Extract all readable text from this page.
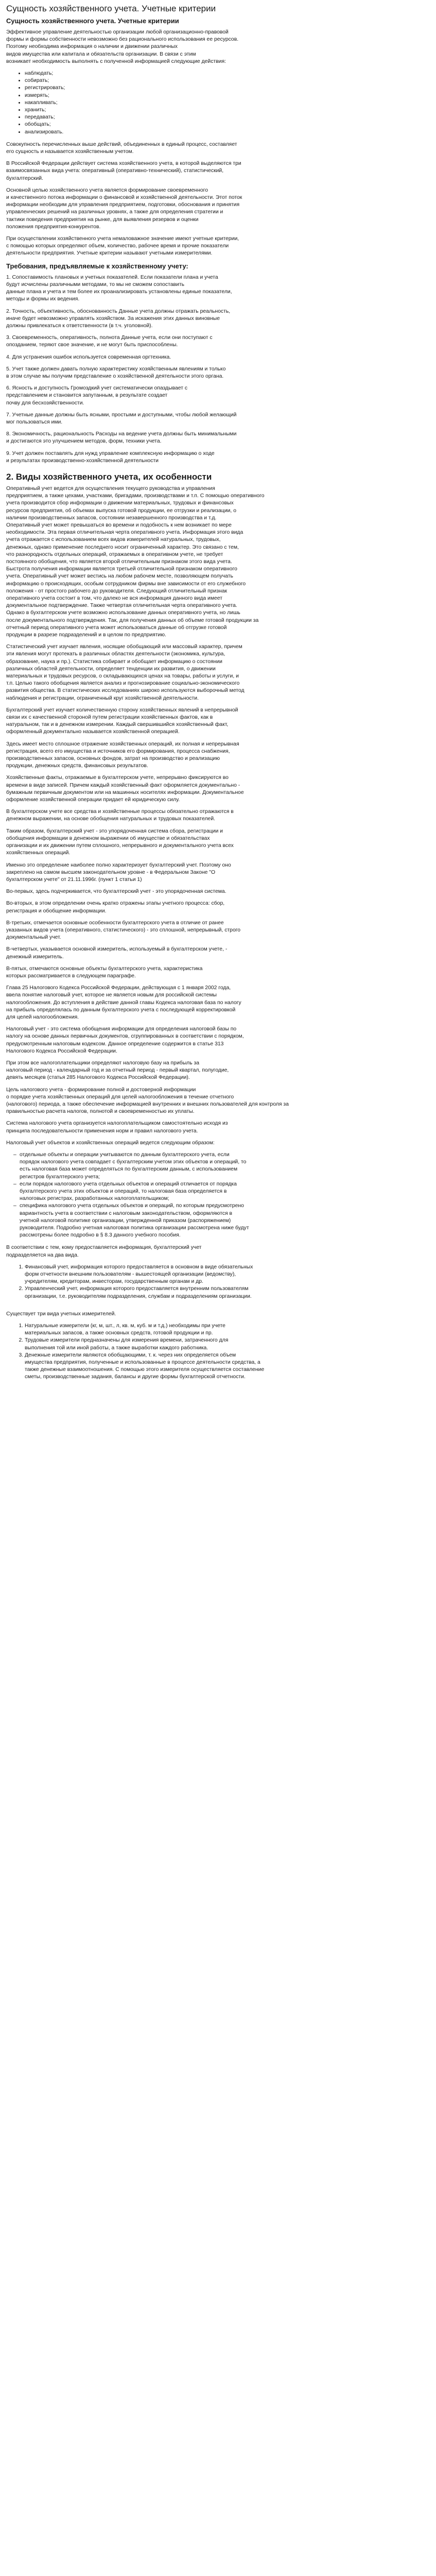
Сущность хозяйственного учета. Учетные критерии
Сущность хозяйственного учета. Учетные критерии
Эффективное управление деятельностью организации любой организационно-правовой
формы и формы собственности невозможно без рационального использования ее ресурсов.
Поэтому необходима информация о наличии и движении различных
видов имущества или капитала и обязательств организации. В связи с этим
возникает необходимость выполнять с полученной информацией следующие действия:
• наблюдать;
• собирать;
• регистрировать;
• измерять;
• накапливать;
• хранить;
• передавать;
• обобщать;
• анализировать.
Совокупность перечисленных выше действий, объединенных в единый процесс, составляет
его сущность и называется хозяйственным учетом.
В Российской Федерации действует система хозяйственного учета, в которой выделяются три
взаимосвязанных вида учета: оперативный (оперативно-технический), статистический,
бухгалтерский.
Основной целью хозяйственного учета является формирование своевременного
и качественного потока информации о финансовой и хозяйственной деятельности. Этот поток
информации необходим для управления предприятием, подготовки, обоснования и принятия
управленческих решений на различных уровнях, а также для определения стратегии и
тактики поведения предприятия на рынке, для выявления резервов и оценки
положения предприятия-конкурентов.
При осуществлении хозяйственного учета немаловажное значение имеют учетные критерии,
с помощью которых определяют объем, количество, рабочее время и прочие показатели
деятельности предприятия. Учетные критерии называют учетными измерителями.
Требования, предъявляемые к хозяйственному учету:
1. Сопоставимость плановых и учетных показателей. Если показатели плана и учета
будут исчислены различными методами, то мы не сможем сопоставить
данные плана и учета и тем более их проанализировать установлены единые показатели,
методы и формы их ведения.
2. Точность, объективность, обоснованность Данные учета должны отражать реальность,
иначе будет невозможно управлять хозяйством. За искажения этих данных виновные
должны привлекаться к ответственности (в т.ч. уголовной).
3. Своевременность, оперативность, полнота Данные учета, если они поступают с
опозданием, теряют свое значение, и не могут быть приспособлены.
4. Для устранения ошибок используется современная оргтехника.
5. Учет также должен давать полную характеристику хозяйственным явлениям и только
в этом случае мы получим представление о хозяйственной деятельности этого органа.
6. Ясность и доступность Громоздкий учет систематически опаздывает с
представлением и становится запутанным, в результате создает
почву для бесхозяйственности.
7. Учетные данные должны быть ясными, простыми и доступными, чтобы любой желающий
мог пользоваться ими.
8. Экономичность, рациональность Расходы на ведение учета должны быть минимальными
и достигаются это улучшением методов, форм, техники учета.
9. Учет должен поставлять для нужд управление комплексную информацию о ходе
и результатах производственно-хозяйственной деятельности
2. Виды хозяйственного учета, их особенности
Оперативный учет ведется для осуществления текущего руководства и управления
предприятием, а также цехами, участками, бригадами, производствами и т.п. С помощью оперативного
учета производится сбор информации о движении материальных, трудовых и финансовых
ресурсов предприятия, об объемах выпуска готовой продукции, ее отгрузки и реализации, о
наличии производственных запасов, состоянии незавершенного производства и т.д.
Оперативный учет может превышаться во времени и подобность к нем возникает по мере
необходимости. Эта первая отличительная черта оперативного учета. Информация этого вида
учета отражается с использованием всех видов измерителей натуральных, трудовых,
денежных, однако применение последнего носит ограниченный характер. Это связано с тем,
что разнородность отдельных операций, отражаемых в оперативном учете, не требует
постоянного обобщения, что является второй отличительным признаком этого вида учета.
Быстрота получения информации является третьей отличительной признаком оперативного
учета. Оперативный учет может вестись на любом рабочем месте, позволяющем получать
информацию о происходящих, особым сотрудником фирмы вне зависимости от его служебного
положения - от простого рабочего до руководителя. Следующий отличительный признак
оперативного учета состоит в том, что далеко не вся информация данного вида имеет
документальное подтверждение. Также четвертая отличительная черта оперативного учета.
Однако в бухгалтерском учете возможно использование данных оперативного учета, но лишь
после документального подтверждения. Так, для получения данных об объеме готовой продукции за
отчетный период оперативного учета может использоваться данные об отгрузке готовой
продукции в разрезе подразделений и в целом по предприятию.
Статистический учет изучает явления, носящие обобщающий или массовый характер, причем
эти явления могут протекать в различных областях деятельности (экономика, культура,
образование, наука и пр.). Статистика собирает и обобщает информацию о состоянии
различных областей деятельности, определяет тенденции их развития, о движении
материальных и трудовых ресурсов, о складывающихся ценах на товары, работы и услуги, и
т.п. Целью такого обобщения является анализ и прогнозирование социально-экономического
развития общества. В статистических исследованиях широко используются выборочный метод
наблюдения и регистрации, ограниченный круг хозяйственной деятельности.
Бухгалтерский учет изучает количественную сторону хозяйственных явлений в непрерывной
связи их с качественной стороной путем регистрации хозяйственных фактов, как в
натуральном, так и в денежном измерении. Каждый свершившийся хозяйственный факт,
оформленный документально называется хозяйственной операцией.
Здесь имеет место сплошное отражение хозяйственных операций, их полная и непрерывная
регистрация, всего его имущества и источников его формирования, процесса снабжения,
производственных запасов, основных фондов, затрат на производство и реализацию
продукции, денежных средств, финансовых результатов.
Хозяйственные факты, отражаемые в бухгалтерском учете, непрерывно фиксируются во
времени в виде записей. Причем каждый хозяйственный факт оформляется документально -
бумажным первичным документом или на машинных носителях информации. Документальное
оформление хозяйственной операции придает ей юридическую силу.
В бухгалтерском учете все средства и хозяйственные процессы обязательно отражаются в
денежном выражении, на основе обобщения натуральных и трудовых показателей.
Таким образом, бухгалтерский учет - это упорядоченная система сбора, регистрации и
обобщения информации в денежном выражении об имуществе и обязательствах
организации и их движении путем сплошного, непрерывного и документального учета всех
хозяйственных операций.
Именно это определение наиболее полно характеризует бухгалтерский учет. Поэтому оно
закреплено на самом высшем законодательном уровне - в Федеральном Законе "О
бухгалтерском учете" от 21.11.1996г. (пункт 1 статьи 1)
Во-первых, здесь подчеркивается, что бухгалтерский учет - это упорядоченная система.
Во-вторых, в этом определении очень кратко отражены этапы учетного процесса: сбор,
регистрация и обобщение информации.
В-третьих, отмечается основные особенности бухгалтерского учета в отличие от ранее
указанных видов учета (оперативного, статистического) - это сплошной, непрерывный, строго
документальный учет.
В-четвертых, указывается основной измеритель, используемый в бухгалтерском учете, -
денежный измеритель.
В-пятых, отмечаются основные объекты бухгалтерского учета, характеристика
которых рассматривается в следующем параграфе.
Глава 25 Налогового Кодекса Российской Федерации, действующая с 1 января 2002 года,
ввела понятие налоговый учет, которое не является новым для российской системы
налогообложения. До вступления в действие данной главы Кодекса налоговая база по налогу
на прибыль определялась по данным бухгалтерского учета с последующей корректировкой
для целей налогообложения.
Налоговый учет - это система обобщения информации для определения налоговой базы по
налогу на основе данных первичных документов, сгруппированных в соответствии с порядком,
предусмотренным налоговым кодексом. Данное определение содержится в статье 313
Налогового Кодекса Российской Федерации.
При этом все налогоплательщики определяют налоговую базу на прибыль за
налоговый период - календарный год и за отчетный период - первый квартал, полугодие,
девять месяцев (статья 285 Налогового Кодекса Российской Федерации).
Цель налогового учета - формирование полной и достоверной информации
о порядке учета хозяйственных операций для целей налогообложения в течение отчетного
(налогового) периода, а также обеспечение информацией внутренних и внешних пользователей для контроля за
правильностью расчета налогов, полнотой и своевременностью их уплаты.
Система налогового учета организуется налогоплательщиком самостоятельно исходя из
принципа последовательности применения норм и правил налогового учета.
Налоговый учет объектов и хозяйственных операций ведется следующим образом:
– отдельные объекты и операции учитываются по данным бухгалтерского учета, если
порядок налогового учета совпадает с бухгалтерским учетом этих объектов и операций, то
есть налоговая база может определяться по бухгалтерским данным, с использованием
регистров бухгалтерского учета;
– если порядок налогового учета отдельных объектов и операций отличается от порядка
бухгалтерского учета этих объектов и операций, то налоговая база определяется в
налоговых регистрах, разработанных налогоплательщиком;
– специфика налогового учета отдельных объектов и операций, по которым предусмотрено
вариантность учета в соответствии с налоговым законодательством, оформляются в
учетной налоговой политике организации, утвержденной приказом (распоряжением)
руководителя. Подробно учетная налоговая политика организации рассмотрена ниже будут
рассмотрены более подробно в § 8.3 данного учебного пособия.
В соответствии с тем, кому предоставляется информация, бухгалтерский учет
подразделяется на два вида.
1. Финансовый учет, информация которого предоставляется в основном в виде обязательных
форм отчетности внешним пользователям - вышестоящей организации (ведомству),
учредителям, кредиторам, инвесторам, государственным органам и др.
2. Управленческий учет, информация которого предоставляется внутренним пользователям
организации, т.е. руководителям подразделения, службам и подразделениям организации.
Существует три вида учетных измерителей.
1. Натуральные измерители (кг, м, шт., л, кв. м, куб. м и т.д.) необходимы при учете
материальных запасов, а также основных средств, готовой продукции и пр.
2. Трудовые измерители предназначены для измерения времени, затраченного для
выполнения той или иной работы, а также выработки каждого работника.
3. Денежные измерители являются обобщающими, т. к. через них определяется объем
имущества предприятия, полученные и использованные в процессе деятельности средства, а
также денежные взаимоотношения. С помощью этого измерителя осуществляется составление
сметы, производственные задания, балансы и другие формы бухгалтерской отчетности.
